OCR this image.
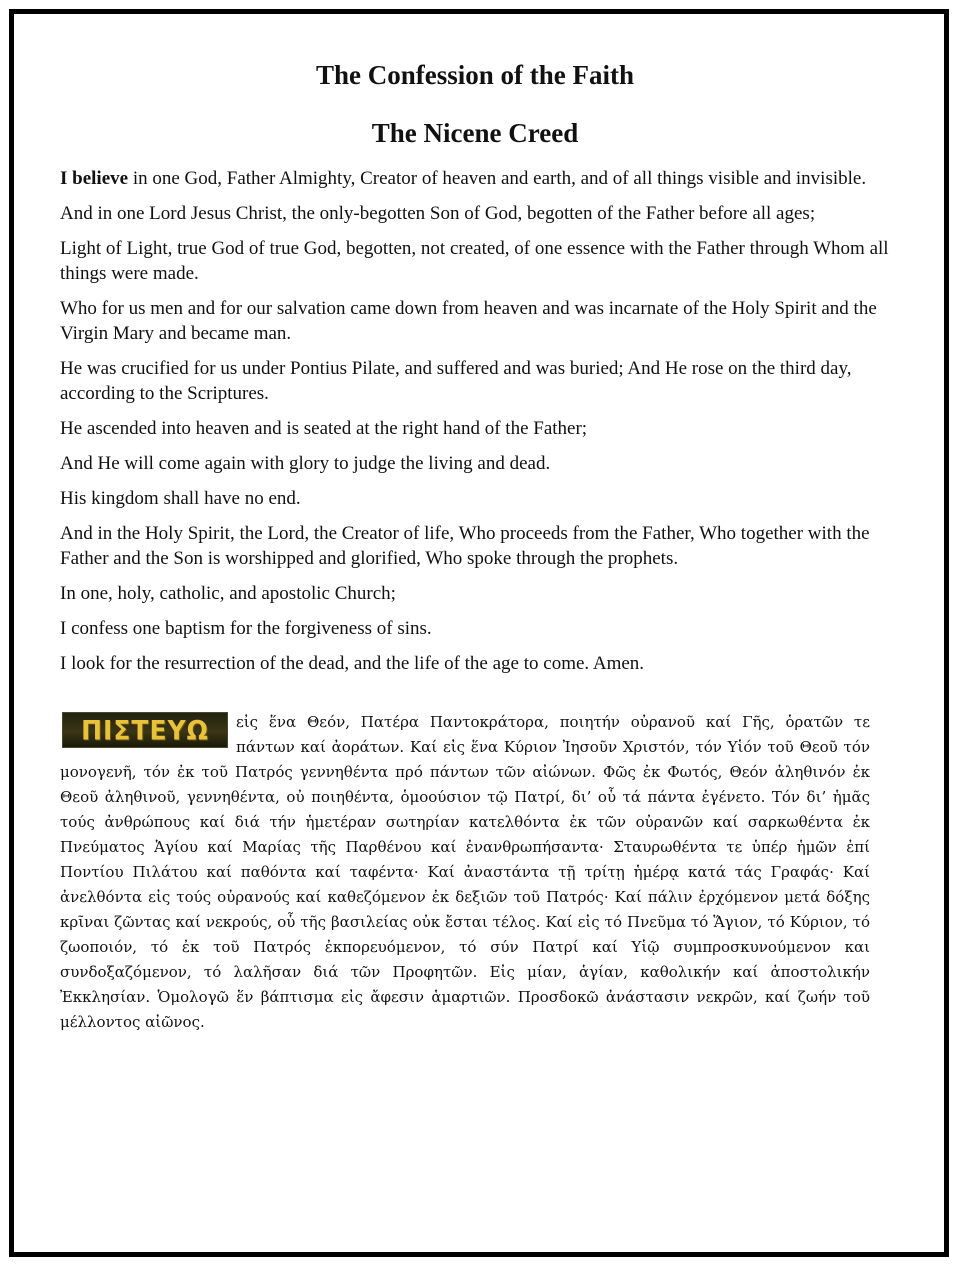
The Confession of the Faith
The Nicene Creed

I believe in one God, Father Almighty, Creator of heaven and earth, and of all things visible and invisible.

And in one Lord Jesus Christ, the only-begotten Son of God, begotten of the Father before all ages;

Light of Light, true God of true God, begotten, not created, of one essence with the Father through Whom all things were made.

Who for us men and for our salvation came down from heaven and was incarnate of the Holy Spirit and the Virgin Mary and became man.

He was crucified for us under Pontius Pilate, and suffered and was buried; And He rose on the third day, according to the Scriptures.

He ascended into heaven and is seated at the right hand of the Father;

And He will come again with glory to judge the living and dead.

His kingdom shall have no end.

And in the Holy Spirit, the Lord, the Creator of life, Who proceeds from the Father, Who together with the Father and the Son is worshipped and glorified, Who spoke through the prophets.

In one, holy, catholic, and apostolic Church;

I confess one baptism for the forgiveness of sins.

I look for the resurrection of the dead, and the life of the age to come. Amen.

ΠΙΣΤΕΥΩ εἰς ἕνα Θεόν, Πατέρα Παντοκράτορα, ποιητήν οὐρανοῦ καί Γῆς, ὁρατῶν τε πάντων καί ἀοράτων. Καί εἰς ἕνα Κύριον Ἰησοῦν Χριστόν, τόν Υἱόν τοῦ Θεοῦ τόν μονογενῆ, τόν ἐκ τοῦ Πατρός γεννηθέντα πρό πάντων τῶν αἰώνων. Φῶς ἐκ Φωτός, Θεόν ἀληθινόν ἐκ Θεοῦ ἀληθινοῦ, γεννηθέντα, οὐ ποιηθέντα, ὁμοούσιον τῷ Πατρί, δι’ οὗ τά πάντα ἐγένετο. Τόν δι’ ἡμᾶς τούς ἀνθρώπους καί διά τήν ἡμετέραν σωτηρίαν κατελθόντα ἐκ τῶν οὐρανῶν καί σαρκωθέντα ἐκ Πνεύματος Ἁγίου καί Μαρίας τῆς Παρθένου καί ἐνανθρωπήσαντα· Σταυρωθέντα τε ὑπέρ ἡμῶν ἐπί Ποντίου Πιλάτου καί παθόντα καί ταφέντα· Καί ἀναστάντα τῇ τρίτῃ ἡμέρᾳ κατά τάς Γραφάς· Καί ἀνελθόντα εἰς τούς οὐρανούς καί καθεζόμενον ἐκ δεξιῶν τοῦ Πατρός· Καί πάλιν ἐρχόμενον μετά δόξης κρῖναι ζῶντας καί νεκρούς, οὗ τῆς βασιλείας οὐκ ἔσται τέλος. Καί εἰς τό Πνεῦμα τό Ἅγιον, τό Κύριον, τό ζωοποιόν, τό ἐκ τοῦ Πατρός ἐκπορευόμενον, τό σύν Πατρί καί Υἱῷ συμπροσκυνούμενον και συνδοξαζόμενον, τό λαλῆσαν διά τῶν Προφητῶν. Εἰς μίαν, ἁγίαν, καθολικήν καί ἀποστολικήν Ἐκκλησίαν. Ὁμολογῶ ἕν βάπτισμα εἰς ἄφεσιν ἁμαρτιῶν. Προσδοκῶ ἀνάστασιν νεκρῶν, καί ζωήν τοῦ μέλλοντος αἰῶνος.
